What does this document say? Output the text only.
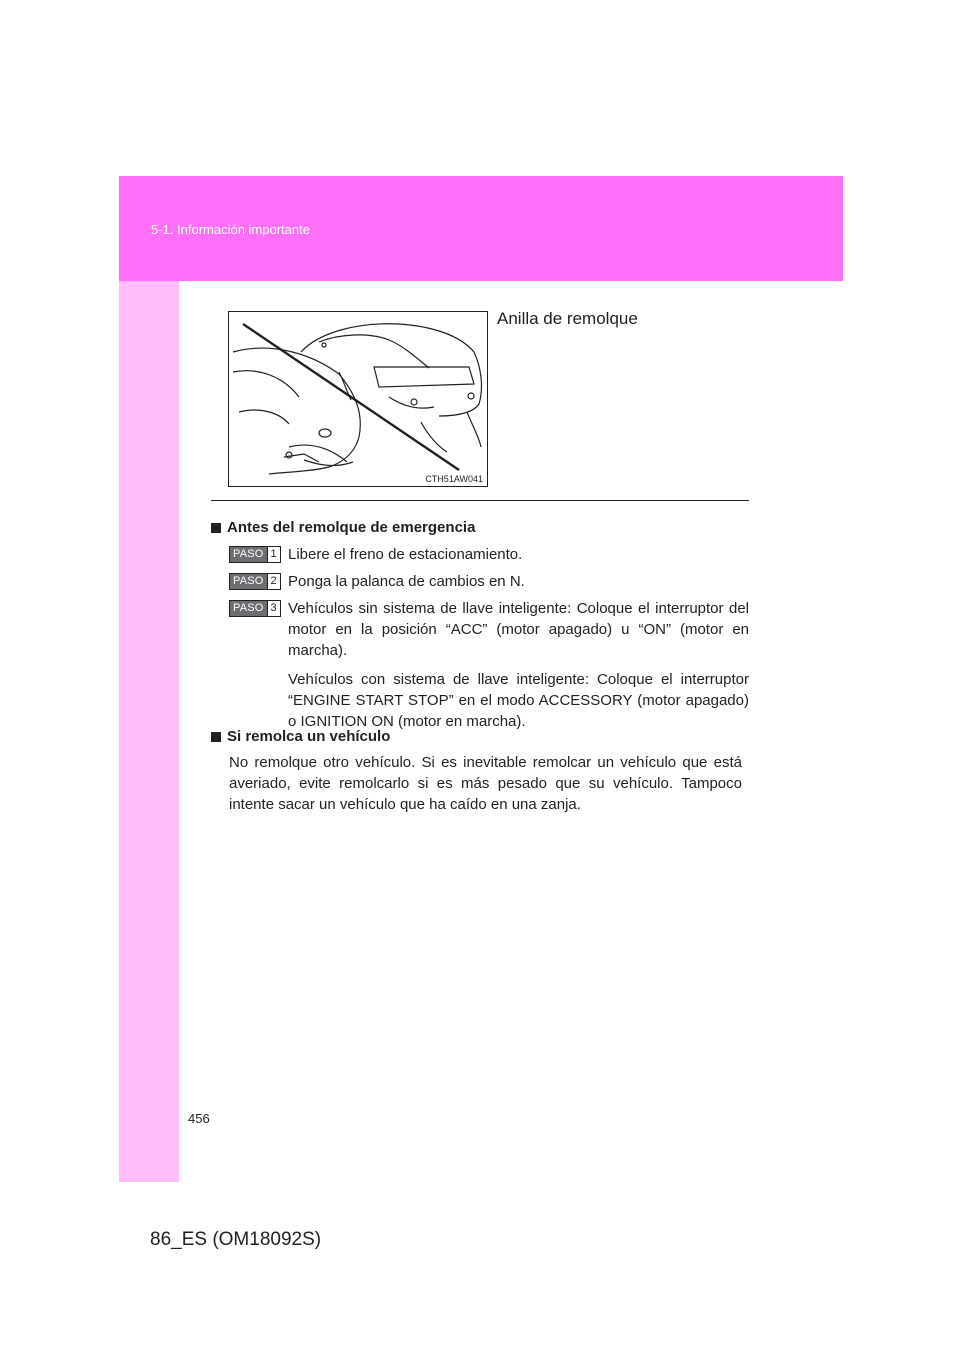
5-1. Información importante
CTH51AW041
Anilla de remolque
Antes del remolque de emergencia
PASO 1 Libere el freno de estacionamiento.

PASO 2 Ponga la palanca de cambios en N.

PASO 3 Vehículos sin sistema de llave inteligente: Coloque el interruptor del motor en la posición “ACC” (motor apagado) u “ON” (motor en marcha).

Vehículos con sistema de llave inteligente: Coloque el interruptor “ENGINE START STOP” en el modo ACCESSORY (motor apagado) o IGNITION ON (motor en marcha).

Si remolca un vehículo
No remolque otro vehículo. Si es inevitable remolcar un vehículo que está averiado, evite remolcarlo si es más pesado que su vehículo. Tampoco intente sacar un vehículo que ha caído en una zanja.
456
86_ES (OM18092S)
